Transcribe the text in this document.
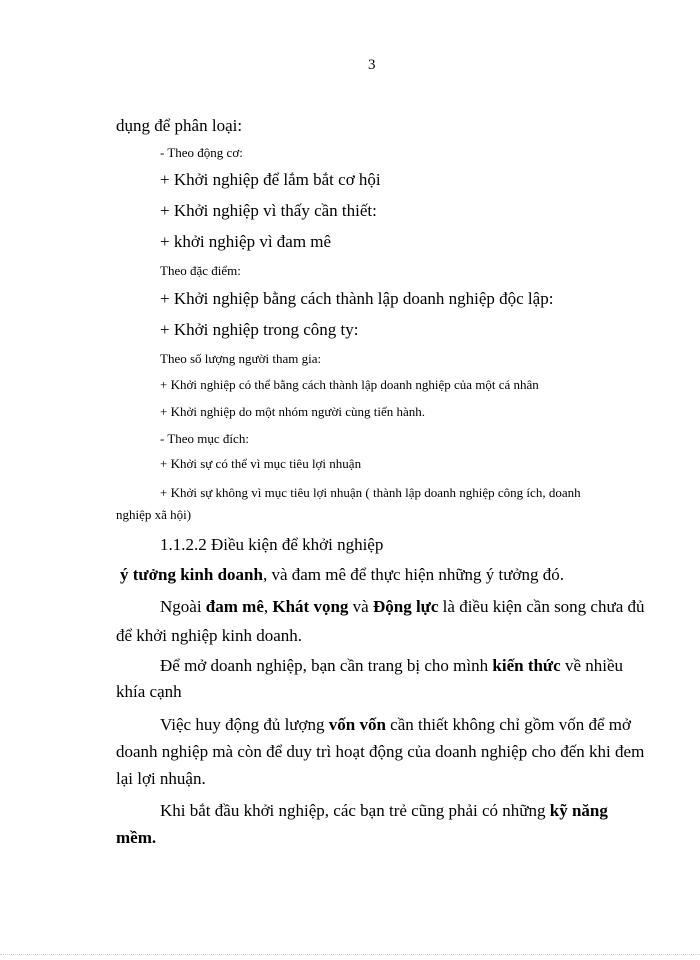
3
dụng để phân loại:
- Theo động cơ:
+ Khởi nghiệp để lắm bắt cơ hội
+ Khởi nghiệp vì thấy cần thiết:
+ khởi nghiệp vì đam mê
Theo đặc điểm:
+ Khởi nghiệp bằng cách thành lập doanh nghiệp độc lập:
+ Khởi nghiệp trong công ty:
Theo số lượng người tham gia:
+ Khởi nghiệp có thể bằng cách thành lập doanh nghiệp của một cá nhân
+ Khởi nghiệp do một nhóm người cùng tiến hành.
- Theo mục đích:
+ Khởi sự có thể vì mục tiêu lợi nhuận
+ Khởi sự không vì mục tiêu lợi nhuận ( thành lập doanh nghiệp công ích, doanh
nghiệp xã hội)
1.1.2.2 Điều kiện để khởi nghiệp
ý tưởng kinh doanh, và đam mê để thực hiện những ý tưởng đó.
Ngoài đam mê, Khát vọng và Động lực là điều kiện cần song chưa đủ
để khởi nghiệp kinh doanh.
Để mở doanh nghiệp, bạn cần trang bị cho mình kiến thức về nhiều
khía cạnh
Việc huy động đủ lượng vốn vốn cần thiết không chỉ gồm vốn để mở
doanh nghiệp mà còn để duy trì hoạt động của doanh nghiệp cho đến khi đem
lại lợi nhuận.
Khi bắt đầu khởi nghiệp, các bạn trẻ cũng phải có những kỹ năng
mềm.
